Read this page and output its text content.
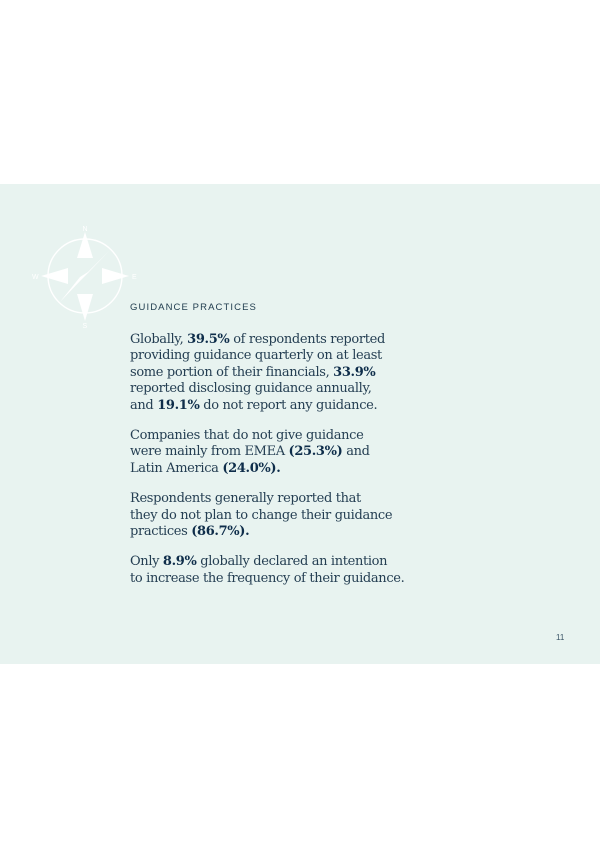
N
S
W	E
GUIDANCE PRACTICES

Globally, 39.5% of respondents reported
providing guidance quarterly on at least
some portion of their financials, 33.9%
reported disclosing guidance annually,
and 19.1% do not report any guidance.

Companies that do not give guidance
were mainly from EMEA (25.3%) and
Latin America (24.0%).

Respondents generally reported that
they do not plan to change their guidance
practices (86.7%).

Only 8.9% globally declared an intention
to increase the frequency of their guidance.

11
